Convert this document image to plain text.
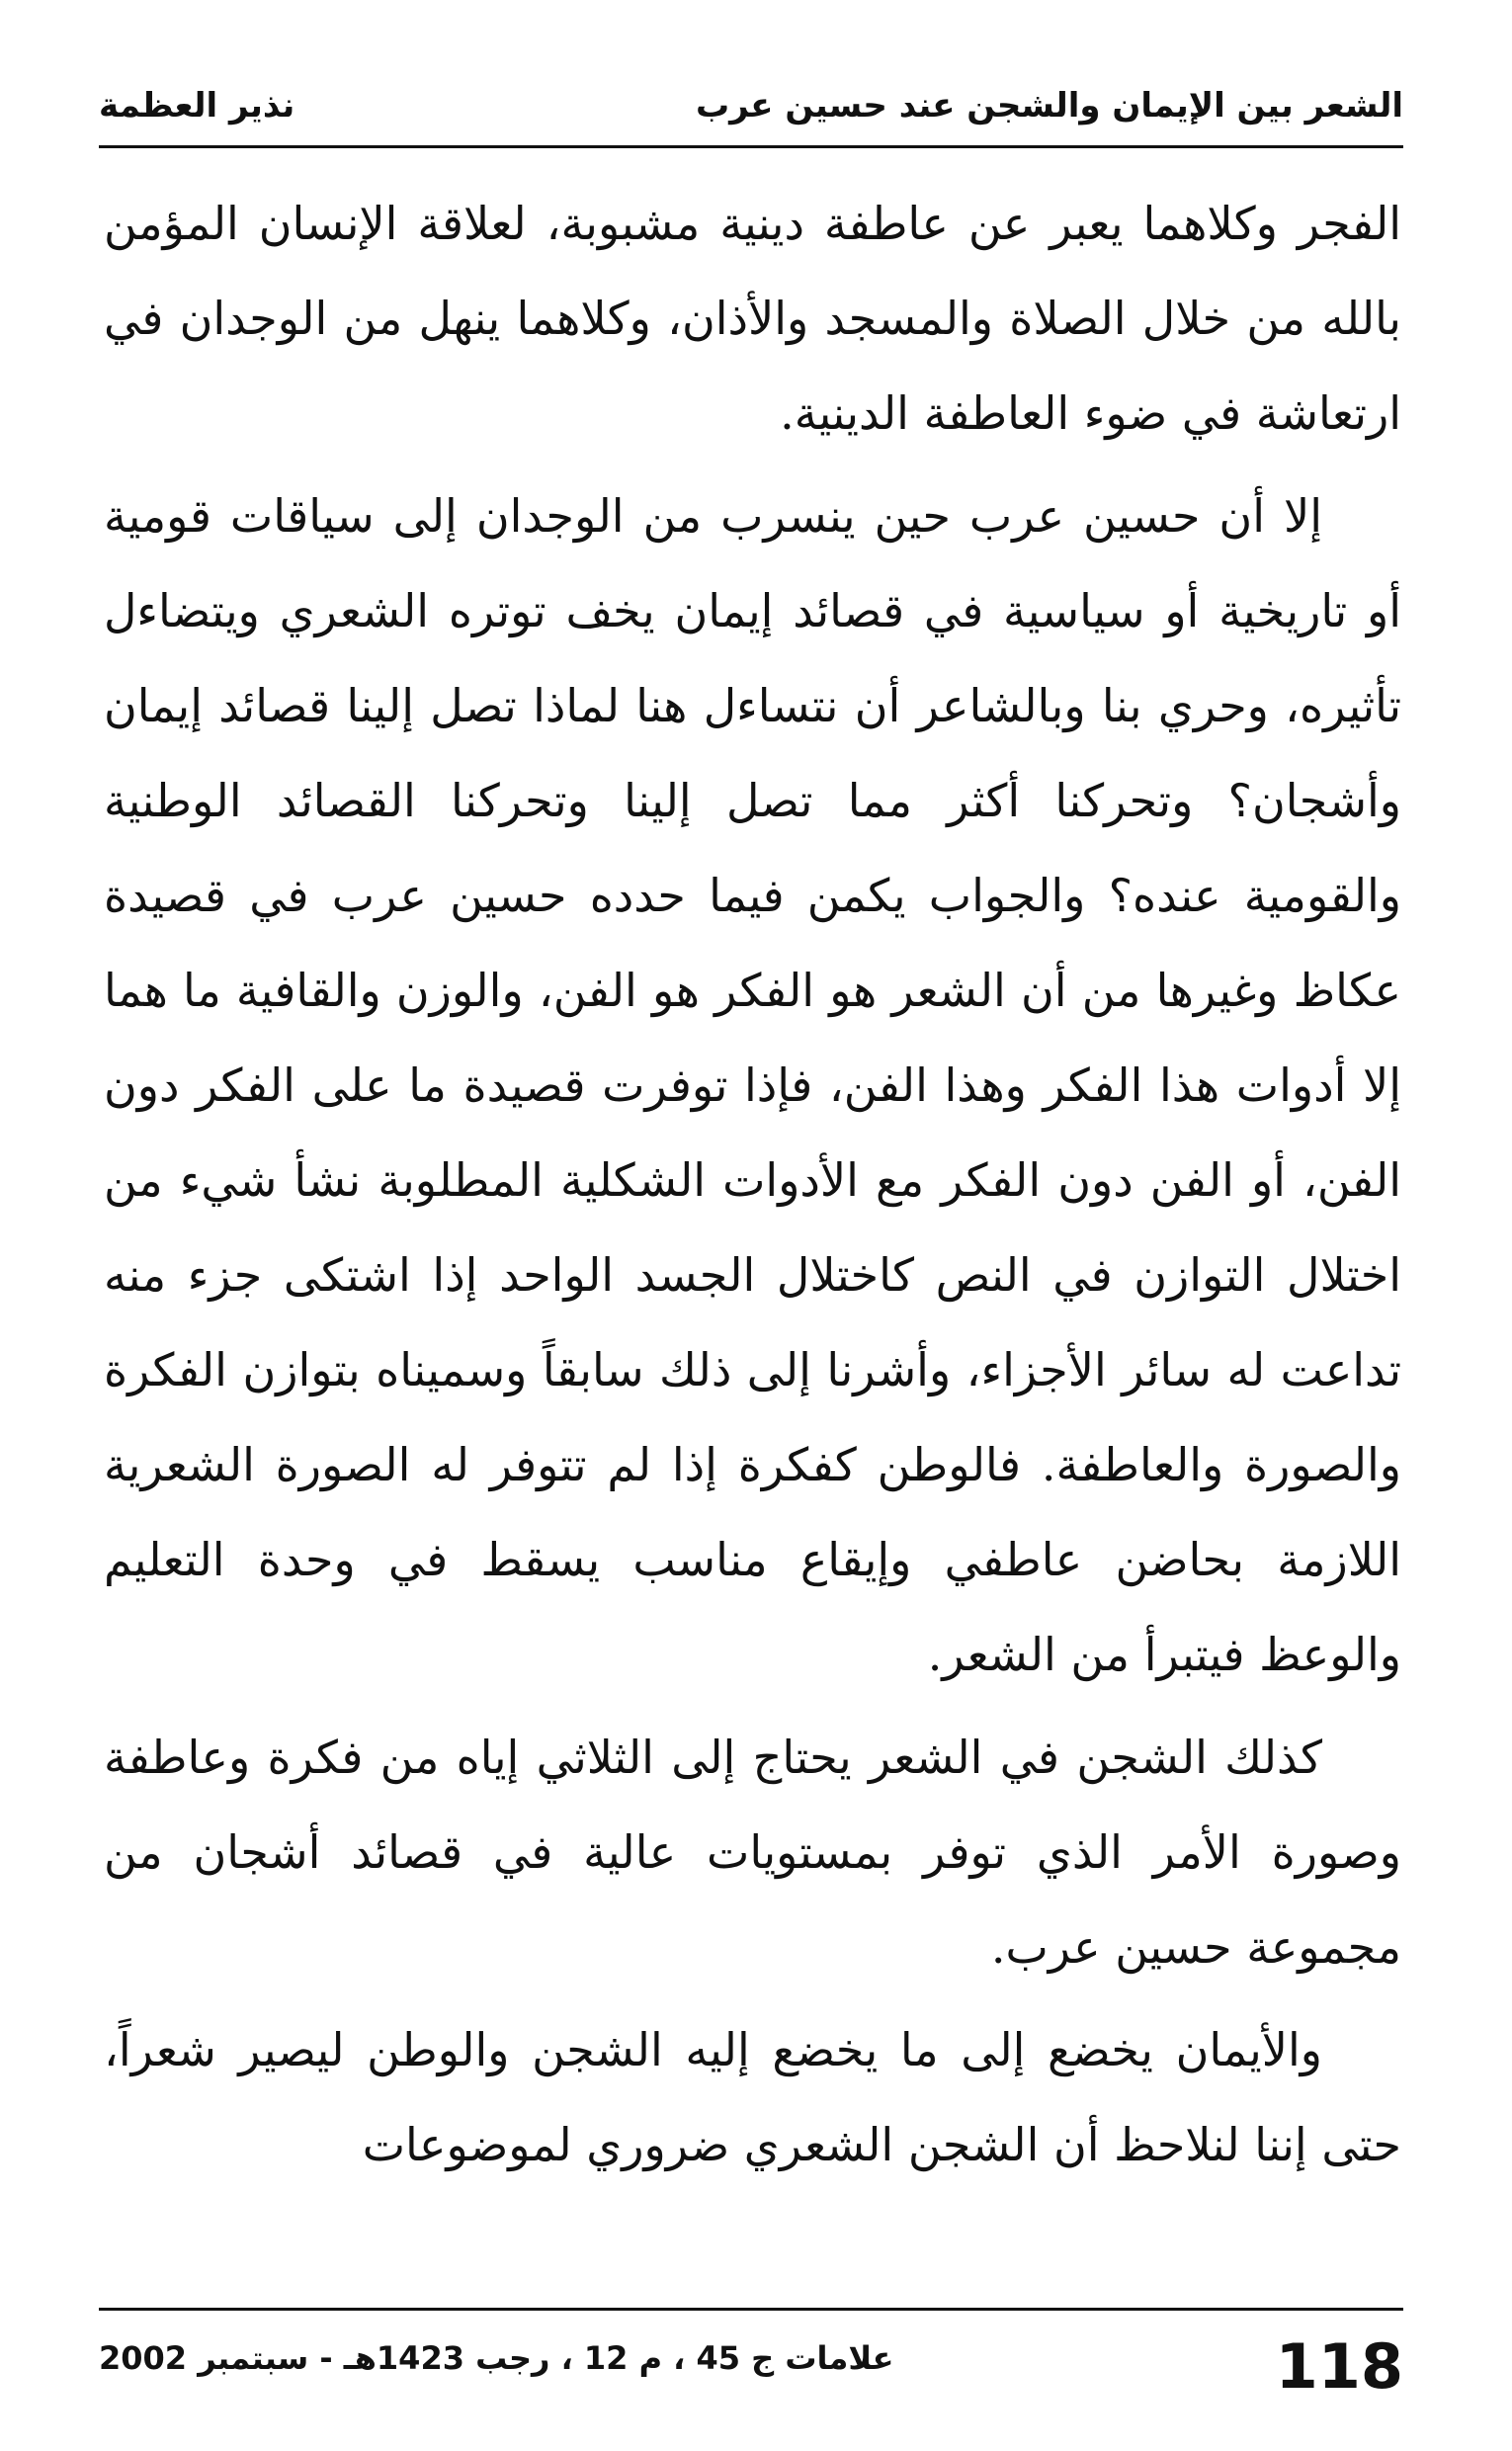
الشعر بين الإيمان والشجن عند حسين عرب
نذير العظمة

الفجر وكلاهما يعبر عن عاطفة دينية مشبوبة، لعلاقة الإنسان المؤمن بالله من خلال الصلاة والمسجد والأذان، وكلاهما ينهل من الوجدان في ارتعاشة في ضوء العاطفة الدينية.

إلا أن حسين عرب حين ينسرب من الوجدان إلى سياقات قومية أو تاريخية أو سياسية في قصائد إيمان يخف توتره الشعري ويتضاءل تأثيره، وحري بنا وبالشاعر أن نتساءل هنا لماذا تصل إلينا قصائد إيمان وأشجان؟ وتحركنا أكثر مما تصل إلينا وتحركنا القصائد الوطنية والقومية عنده؟ والجواب يكمن فيما حدده حسين عرب في قصيدة عكاظ وغيرها من أن الشعر هو الفكر هو الفن، والوزن والقافية ما هما إلا أدوات هذا الفكر وهذا الفن، فإذا توفرت قصيدة ما على الفكر دون الفن، أو الفن دون الفكر مع الأدوات الشكلية المطلوبة نشأ شيء من اختلال التوازن في النص كاختلال الجسد الواحد إذا اشتكى جزء منه تداعت له سائر الأجزاء، وأشرنا إلى ذلك سابقاً وسميناه بتوازن الفكرة والصورة والعاطفة. فالوطن كفكرة إذا لم تتوفر له الصورة الشعرية اللازمة بحاضن عاطفي وإيقاع مناسب يسقط في وحدة التعليم والوعظ فيتبرأ من الشعر.

كذلك الشجن في الشعر يحتاج إلى الثلاثي إياه من فكرة وعاطفة وصورة الأمر الذي توفر بمستويات عالية في قصائد أشجان من مجموعة حسين عرب.

والأيمان يخضع إلى ما يخضع إليه الشجن والوطن ليصير شعراً، حتى إننا لنلاحظ أن الشجن الشعري ضروري لموضوعات

118
علامات ج 45 ، م 12 ، رجب 1423هـ - سبتمبر 2002
